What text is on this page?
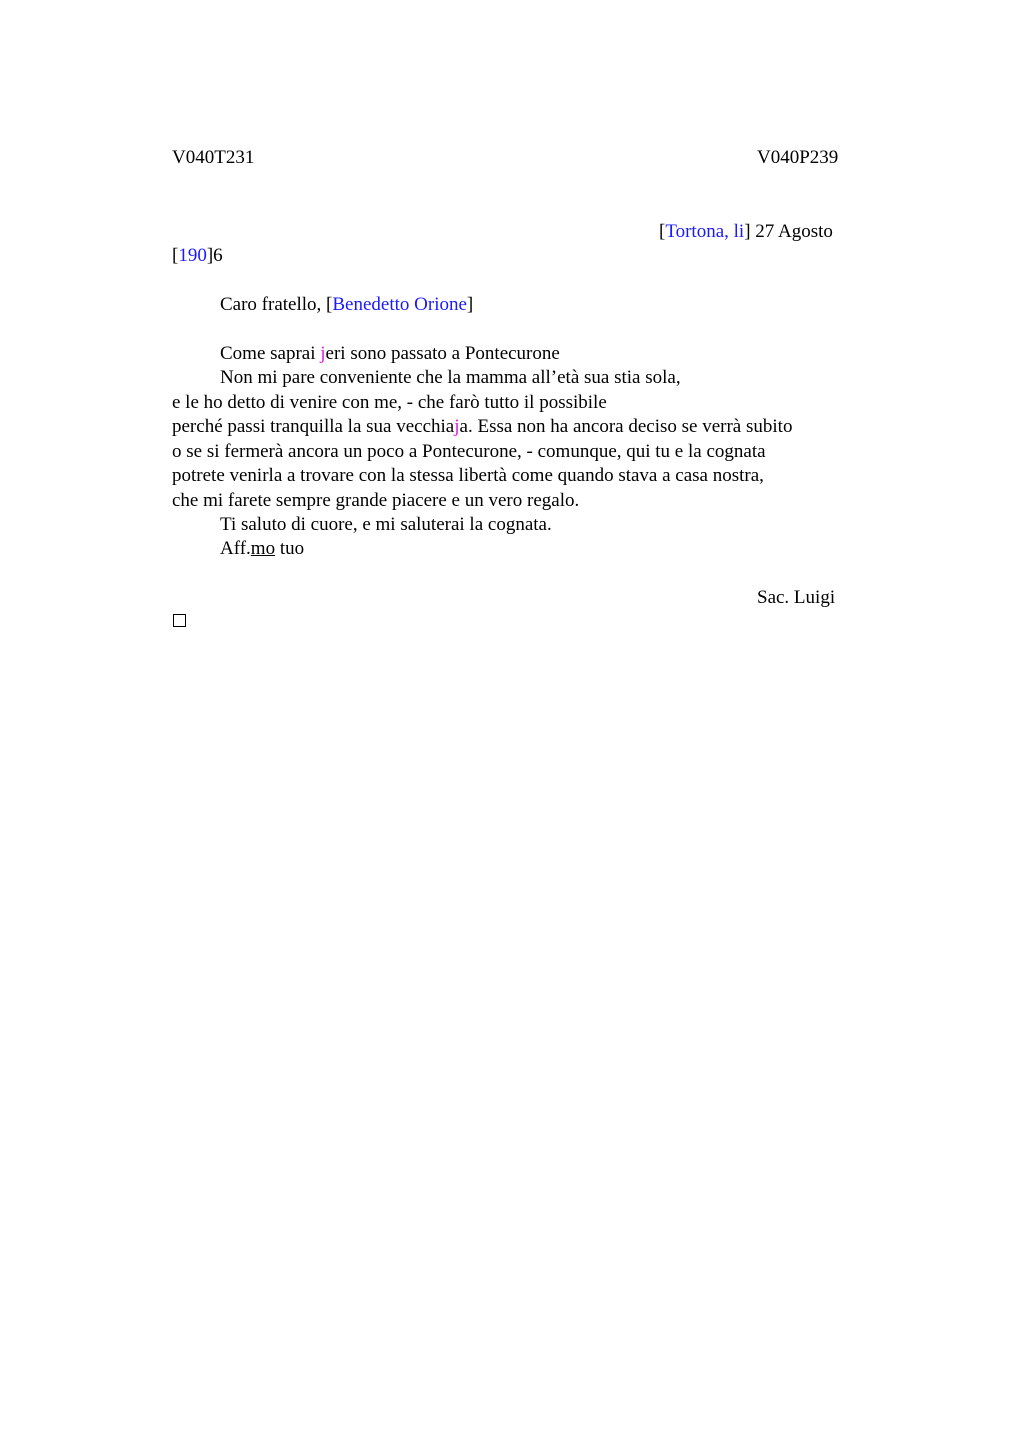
V040T231	V040P239
[Tortona, li] 27 Agosto
[190]6
Caro fratello, [Benedetto Orione]
Come saprai jeri sono passato a Pontecurone
Non mi pare conveniente che la mamma all’età sua stia sola,
e le ho detto di venire con me, - che farò tutto il possibile
perché passi tranquilla la sua vecchiaja. Essa non ha ancora deciso se verrà subito
o se si fermerà ancora un poco a Pontecurone, - comunque, qui tu e la cognata
potrete venirla a trovare con la stessa libertà come quando stava a casa nostra,
che mi farete sempre grande piacere e un vero regalo.
Ti saluto di cuore, e mi saluterai la cognata.
Aff.mo tuo
Sac. Luigi
